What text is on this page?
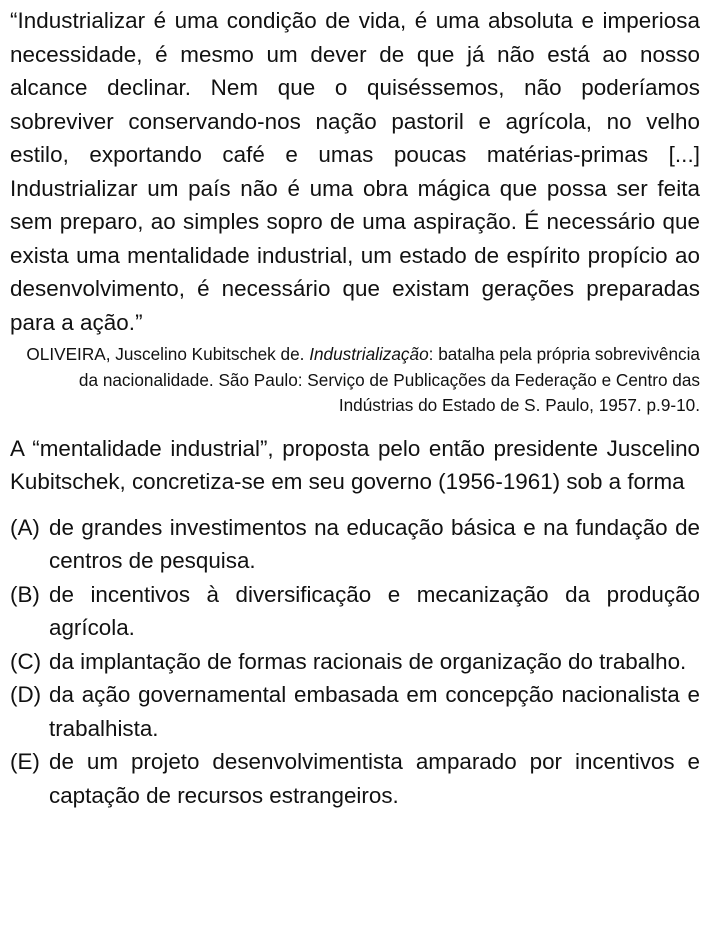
“Industrializar é uma condição de vida, é uma absoluta e imperiosa necessidade, é mesmo um dever de que já não está ao nosso alcance declinar. Nem que o quiséssemos, não poderíamos sobreviver conservando-nos nação pastoril e agrícola, no velho estilo, exportando café e umas poucas matérias-primas [...] Industrializar um país não é uma obra mágica que possa ser feita sem preparo, ao simples sopro de uma aspiração. É necessário que exista uma mentalidade industrial, um estado de espírito propício ao desenvolvimento, é necessário que existam gerações preparadas para a ação.”

OLIVEIRA, Juscelino Kubitschek de. Industrialização: batalha pela própria sobrevivência da nacionalidade. São Paulo: Serviço de Publicações da Federação e Centro das Indústrias do Estado de S. Paulo, 1957. p.9-10.

A “mentalidade industrial”, proposta pelo então presidente Juscelino Kubitschek, concretiza-se em seu governo (1956-1961) sob a forma

(A) de grandes investimentos na educação básica e na fundação de centros de pesquisa.
(B) de incentivos à diversificação e mecanização da produção agrícola.
(C) da implantação de formas racionais de organização do trabalho.
(D) da ação governamental embasada em concepção nacionalista e trabalhista.
(E) de um projeto desenvolvimentista amparado por incentivos e captação de recursos estrangeiros.
